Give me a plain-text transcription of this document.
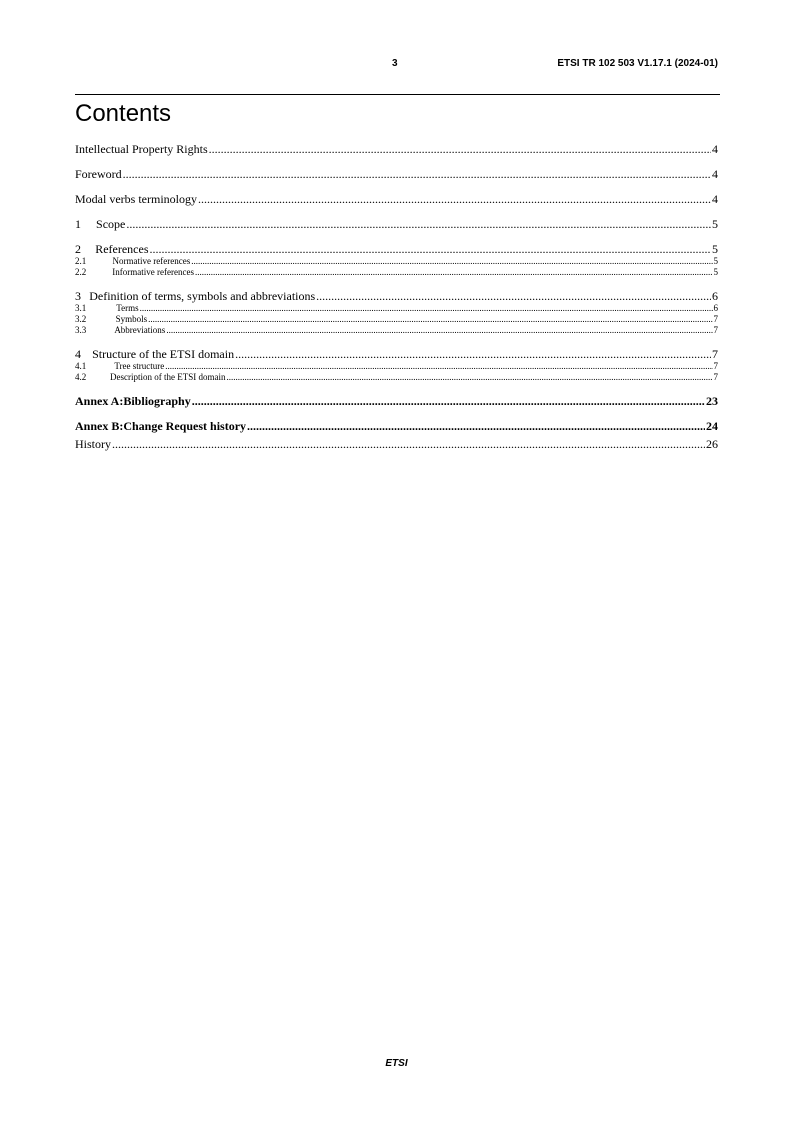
3	ETSI TR 102 503 V1.17.1 (2024-01)
Contents
Intellectual Property Rights .....	4
Foreword .....	4
Modal verbs terminology .....	4
1	Scope .....	5
2	References .....	5
2.1	Normative references .....	5
2.2	Informative references .....	5
3 Definition of terms, symbols and abbreviations .....	6
3.1	Terms .....	6
3.2	Symbols .....	7
3.3	Abbreviations .....	7
4 Structure of the ETSI domain .....	7
4.1	Tree structure .....	7
4.2	Description of the ETSI domain .....	7
Annex A: Bibliography .....	23
Annex B: Change Request history .....	24
History .....	26
ETSI
